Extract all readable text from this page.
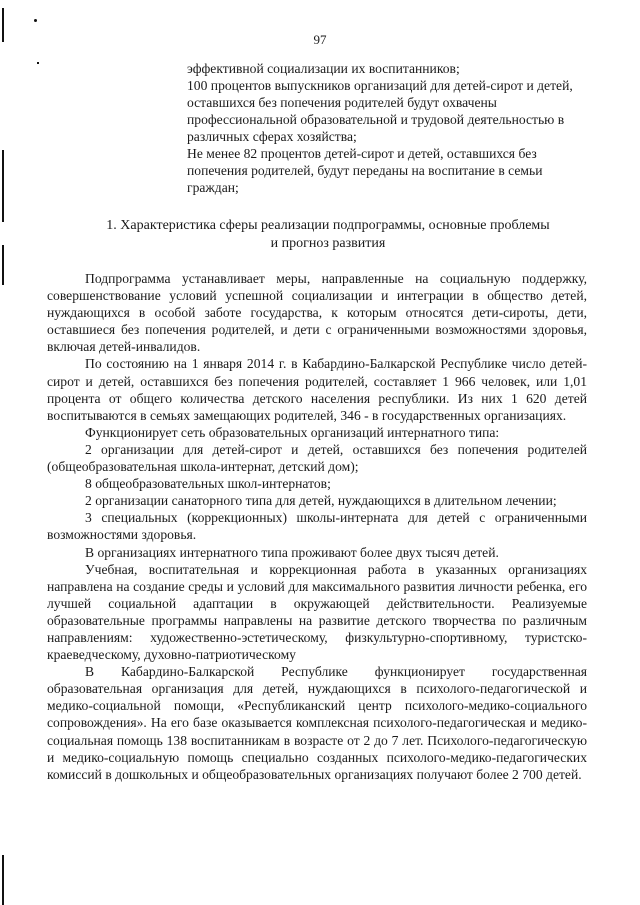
97

эффективной социализации их воспитанников;

100 процентов выпускников организаций для детей-сирот и детей, оставшихся без попечения родителей будут охвачены профессиональной образовательной и трудовой деятельностью в различных сферах хозяйства;

Не менее 82 процентов детей-сирот и детей, оставшихся без попечения родителей, будут переданы на воспитание в семьи граждан;

1. Характеристика сферы реализации подпрограммы, основные проблемы

и прогноз развития

Подпрограмма устанавливает меры, направленные на социальную поддержку, совершенствование условий успешной социализации и интеграции в общество детей, нуждающихся в особой заботе государства, к которым относятся дети-сироты, дети, оставшиеся без попечения родителей, и дети с ограниченными возможностями здоровья, включая детей-инвалидов.

По состоянию на 1 января 2014 г. в Кабардино-Балкарской Республике число детей-сирот и детей, оставшихся без попечения родителей, составляет 1 966 человек, или 1,01 процента от общего количества детского населения республики. Из них 1 620 детей воспитываются в семьях замещающих родителей, 346 - в государственных организациях.

Функционирует сеть образовательных организаций интернатного типа:

2 организации для детей-сирот и детей, оставшихся без попечения родителей (общеобразовательная школа-интернат, детский дом);

8 общеобразовательных школ-интернатов;

2 организации санаторного типа для детей, нуждающихся в длительном лечении;

3 специальных (коррекционных) школы-интерната для детей с ограниченными возможностями здоровья.

В организациях интернатного типа проживают более двух тысяч детей.

Учебная, воспитательная и коррекционная работа в указанных организациях направлена на создание среды и условий для максимального развития личности ребенка, его лучшей социальной адаптации в окружающей действительности. Реализуемые образовательные программы направлены на развитие детского творчества по различным направлениям: художественно-эстетическому, физкультурно-спортивному, туристско-краеведческому, духовно-патриотическому

В Кабардино-Балкарской Республике функционирует государственная образовательная организация для детей, нуждающихся в психолого-педагогической и медико-социальной помощи, «Республиканский центр психолого-медико-социального сопровождения». На его базе оказывается комплексная психолого-педагогическая и медико-социальная помощь 138 воспитанникам в возрасте от 2 до 7 лет. Психолого-педагогическую и медико-социальную помощь специально созданных психолого-медико-педагогических комиссий в дошкольных и общеобразовательных организациях получают более 2 700 детей.
